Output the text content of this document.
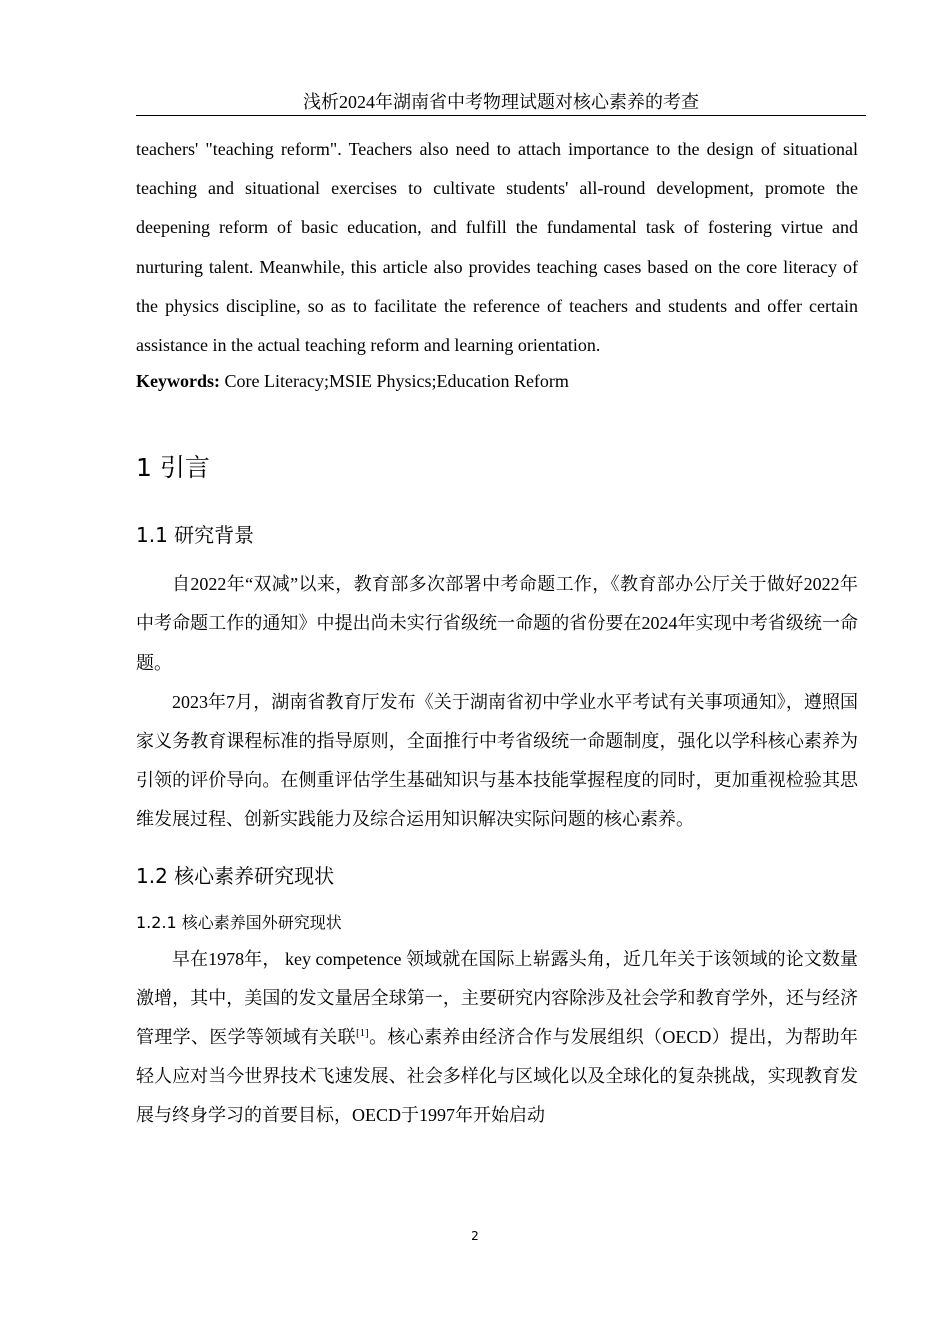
浅析2024年湖南省中考物理试题对核心素养的考查

teachers' "teaching reform". Teachers also need to attach importance to the design of situational teaching and situational exercises to cultivate students' all-round development, promote the deepening reform of basic education, and fulfill the fundamental task of fostering virtue and nurturing talent. Meanwhile, this article also provides teaching cases based on the core literacy of the physics discipline, so as to facilitate the reference of teachers and students and offer certain assistance in the actual teaching reform and learning orientation.

Keywords: Core Literacy;MSIE Physics;Education Reform
1 引言
1.1 研究背景

自2022年“双减”以来，教育部多次部署中考命题工作，《教育部办公厅关于做好2022年中考命题工作的通知》中提出尚未实行省级统一命题的省份要在2024年实现中考省级统一命题。

2023年7月，湖南省教育厅发布《关于湖南省初中学业水平考试有关事项通知》，遵照国家义务教育课程标准的指导原则，全面推行中考省级统一命题制度，强化以学科核心素养为引领的评价导向。在侧重评估学生基础知识与基本技能掌握程度的同时，更加重视检验其思维发展过程、创新实践能力及综合运用知识解决实际问题的核心素养。

1.2 核心素养研究现状
1.2.1 核心素养国外研究现状

早在1978年， key competence 领域就在国际上崭露头角，近几年关于该领域的论文数量激增，其中，美国的发文量居全球第一，主要研究内容除涉及社会学和教育学外，还与经济管理学、医学等领域有关联[1]。核心素养由经济合作与发展组织（OECD）提出，为帮助年轻人应对当今世界技术飞速发展、社会多样化与区域化以及全球化的复杂挑战，实现教育发展与终身学习的首要目标，OECD于1997年开始启动

2
